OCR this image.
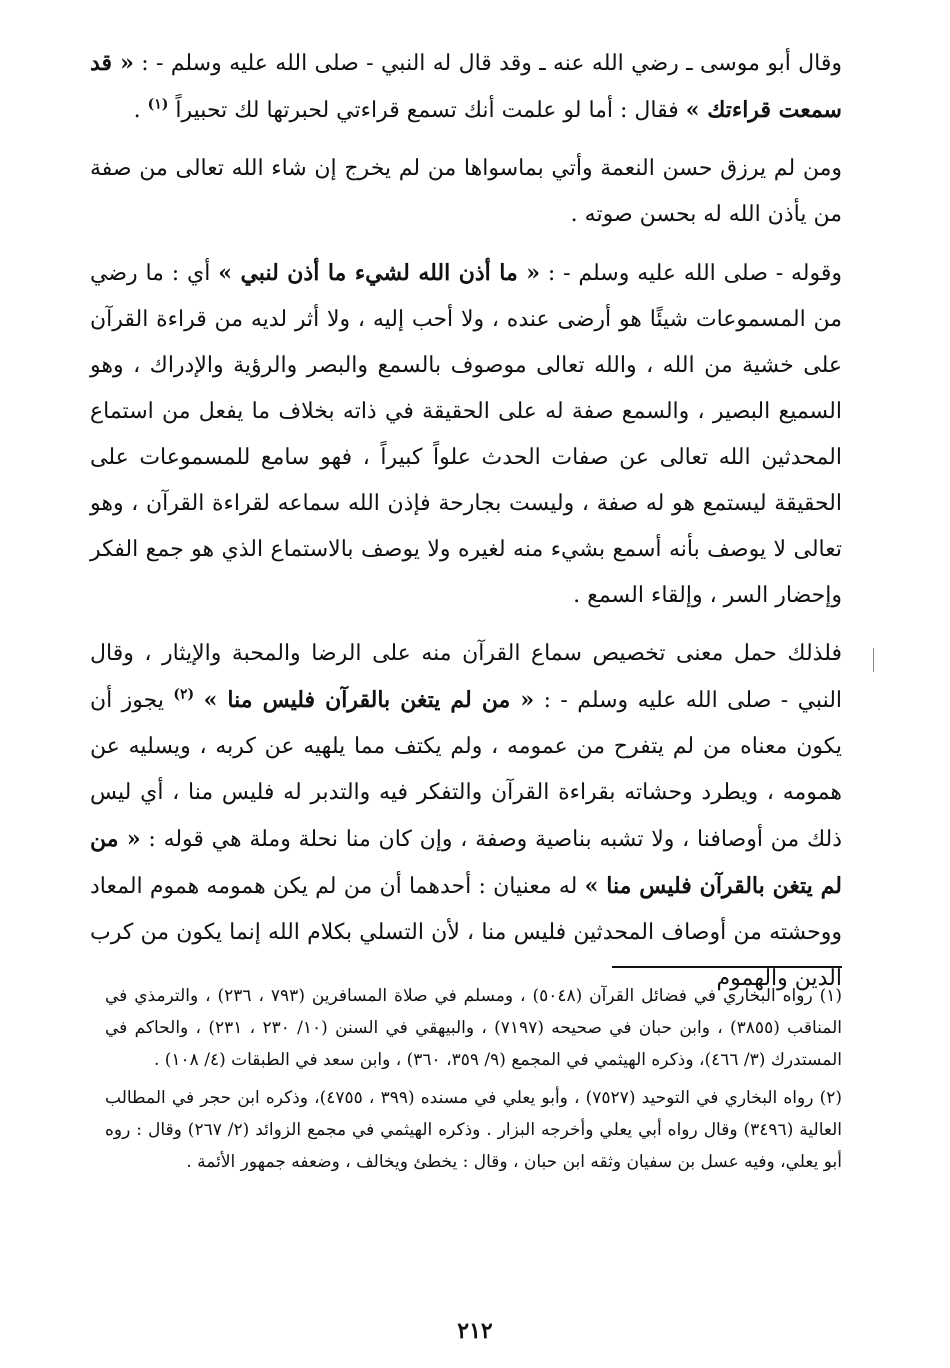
وقال أبو موسى ـ رضي الله عنه ـ وقد قال له النبي - صلى الله عليه وسلم - : « قد سمعت قراءتك » فقال : أما لو علمت أنك تسمع قراءتي لحبرتها لك تحبيراً $^{(١)}$ .

ومن لم يرزق حسن النعمة وأتي بماسواها من لم يخرج إن شاء الله تعالى من صفة من يأذن الله له بحسن صوته .

وقوله - صلى الله عليه وسلم - : « ما أذن الله لشيء ما أذن لنبي » أي : ما رضي من المسموعات شيئًا هو أرضى عنده ، ولا أحب إليه ، ولا أثر لديه من قراءة القرآن على خشية من الله ، والله تعالى موصوف بالسمع والبصر والرؤية والإدراك ، وهو السميع البصير ، والسمع صفة له على الحقيقة في ذاته بخلاف ما يفعل من استماع المحدثين الله تعالى عن صفات الحدث علواً كبيراً ، فهو سامع للمسموعات على الحقيقة ليستمع هو له صفة ، وليست بجارحة فإذن الله سماعه لقراءة القرآن ، وهو تعالى لا يوصف بأنه أسمع بشيء منه لغيره ولا يوصف بالاستماع الذي هو جمع الفكر وإحضار السر ، وإلقاء السمع .

فلذلك حمل معنى تخصيص سماع القرآن منه على الرضا والمحبة والإيثار ، وقال النبي - صلى الله عليه وسلم - : « من لم يتغن بالقرآن فليس منا » $^{(٢)}$ يجوز أن يكون معناه من لم يتفرح من عمومه ، ولم يكتف مما يلهيه عن كربه ، ويسليه عن همومه ، ويطرد وحشاته بقراءة القرآن والتفكر فيه والتدبر له فليس منا ، أي ليس ذلك من أوصافنا ، ولا تشبه بناصية وصفة ، وإن كان منا نحلة وملة هي قوله : « من لم يتغن بالقرآن فليس منا » له معنيان : أحدهما أن من لم يكن همومه هموم المعاد ووحشته من أوصاف المحدثين فليس منا ، لأن التسلي بكلام الله إنما يكون من كرب الدين والهموم

(١) رواه البخاري في فضائل القرآن (٥٠٤٨) ، ومسلم في صلاة المسافرين (٧٩٣ ، ٢٣٦) ، والترمذي في المناقب (٣٨٥٥) ، وابن حبان في صحيحه (٧١٩٧) ، والبيهقي في السنن (١٠/ ٢٣٠ ، ٢٣١) ، والحاكم في المستدرك (٣/ ٤٦٦)، وذكره الهيثمي في المجمع (٩/ ٣٥٩، ٣٦٠) ، وابن سعد في الطبقات (٤/ ١٠٨) .

(٢) رواه البخاري في التوحيد (٧٥٢٧) ، وأبو يعلي في مسنده (٣٩٩ ، ٤٧٥٥)، وذكره ابن حجر في المطالب العالية (٣٤٩٦) وقال رواه أبي يعلي وأخرجه البزار . وذكره الهيثمي في مجمع الزوائد (٢/ ٢٦٧) وقال : روه أبو يعلي، وفيه عسل بن سفيان وثقه ابن حبان ، وقال : يخطئ ويخالف ، وضعفه جمهور الأئمة .

٢١٢
